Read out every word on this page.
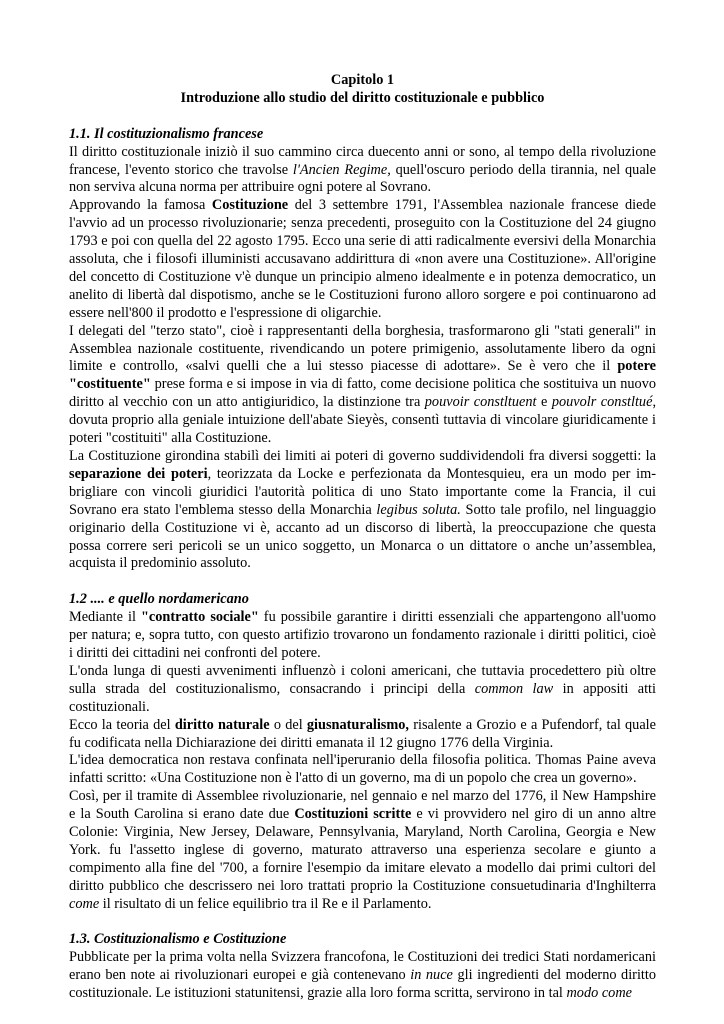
Capitolo 1
Introduzione allo studio del diritto costituzionale e pubblico
1.1. Il costituzionalismo francese

Il diritto costituzionale iniziò il suo cammino circa duecento anni or sono, al tempo della rivoluzione francese, l'evento storico che travolse l'Ancien Regime, quell'oscuro periodo della tirannia, nel quale non serviva alcuna norma per attribuire ogni potere al Sovrano.

Approvando la famosa Costituzione del 3 settembre 1791, l'Assemblea nazionale francese diede l'avvio ad un processo rivoluzionarie; senza precedenti, proseguito con la Costituzione del 24 giugno 1793 e poi con quella del 22 agosto 1795. Ecco una serie di atti radicalmente eversivi della Monarchia assoluta, che i filosofi illuministi accusavano addirittura di «non avere una Costituzione». All'origine del concetto di Costituzione v'è dunque un principio almeno idealmente e in potenza democratico, un anelito di libertà dal dispotismo, anche se le Costituzioni furono alloro sorgere e poi continuarono ad essere nell'800 il prodotto e l'espressione di oligarchie.

I delegati del "terzo stato", cioè i rappresentanti della borghesia, trasformarono gli "stati generali" in Assemblea nazionale costituente, rivendicando un potere primigenio, assolutamente libero da ogni limite e controllo, «salvi quelli che a lui stesso piacesse di adottare». Se è vero che il potere "costituente" prese forma e si impose in via di fatto, come decisione politica che sostituiva un nuovo diritto al vecchio con un atto antigiuridico, la distinzione tra pouvoir constltuent e pouvolr constltué, dovuta proprio alla geniale intuizione dell'abate Sieyès, consentì tuttavia di vincolare giuridicamente i poteri "costituiti" alla Costituzione.

La Costituzione girondina stabilì dei limiti ai poteri di governo suddividendoli fra diversi soggetti: la separazione dei poteri, teorizzata da Locke e perfezionata da Montesquieu, era un modo per im-brigliare con vincoli giuridici l'autorità politica di uno Stato importante come la Francia, il cui Sovrano era stato l'emblema stesso della Monarchia legibus soluta. Sotto tale profilo, nel linguaggio originario della Costituzione vi è, accanto ad un discorso di libertà, la preoccupazione che questa possa correre seri pericoli se un unico soggetto, un Monarca o un dittatore o anche un’assemblea, acquista il predominio assoluto.

1.2 .... e quello nordamericano

Mediante il "contratto sociale" fu possibile garantire i diritti essenziali che appartengono all'uomo per natura; e, sopra tutto, con questo artifizio trovarono un fondamento razionale i diritti politici, cioè i diritti dei cittadini nei confronti del potere.

L'onda lunga di questi avvenimenti influenzò i coloni americani, che tuttavia procedettero più oltre sulla strada del costituzionalismo, consacrando i principi della common law in appositi atti costituzionali.

Ecco la teoria del diritto naturale o del giusnaturalismo, risalente a Grozio e a Pufendorf, tal quale fu codificata nella Dichiarazione dei diritti emanata il 12 giugno 1776 della Virginia.

L'idea democratica non restava confinata nell'iperuranio della filosofia politica. Thomas Paine aveva infatti scritto: «Una Costituzione non è l'atto di un governo, ma di un popolo che crea un governo».

Così, per il tramite di Assemblee rivoluzionarie, nel gennaio e nel marzo del 1776, il New Hampshire e la South Carolina si erano date due Costituzioni scritte e vi provvidero nel giro di un anno altre Colonie: Virginia, New Jersey, Delaware, Pennsylvania, Maryland, North Carolina, Georgia e New York. fu l'assetto inglese di governo, maturato attraverso una esperienza secolare e giunto a compimento alla fine del '700, a fornire l'esempio da imitare elevato a modello dai primi cultori del diritto pubblico che descrissero nei loro trattati proprio la Costituzione consuetudinaria d'Inghilterra come il risultato di un felice equilibrio tra il Re e il Parlamento.

1.3. Costituzionalismo e Costituzione

Pubblicate per la prima volta nella Svizzera francofona, le Costituzioni dei tredici Stati nordamericani erano ben note ai rivoluzionari europei e già contenevano in nuce gli ingredienti del moderno diritto costituzionale. Le istituzioni statunitensi, grazie alla loro forma scritta, servirono in tal modo come
